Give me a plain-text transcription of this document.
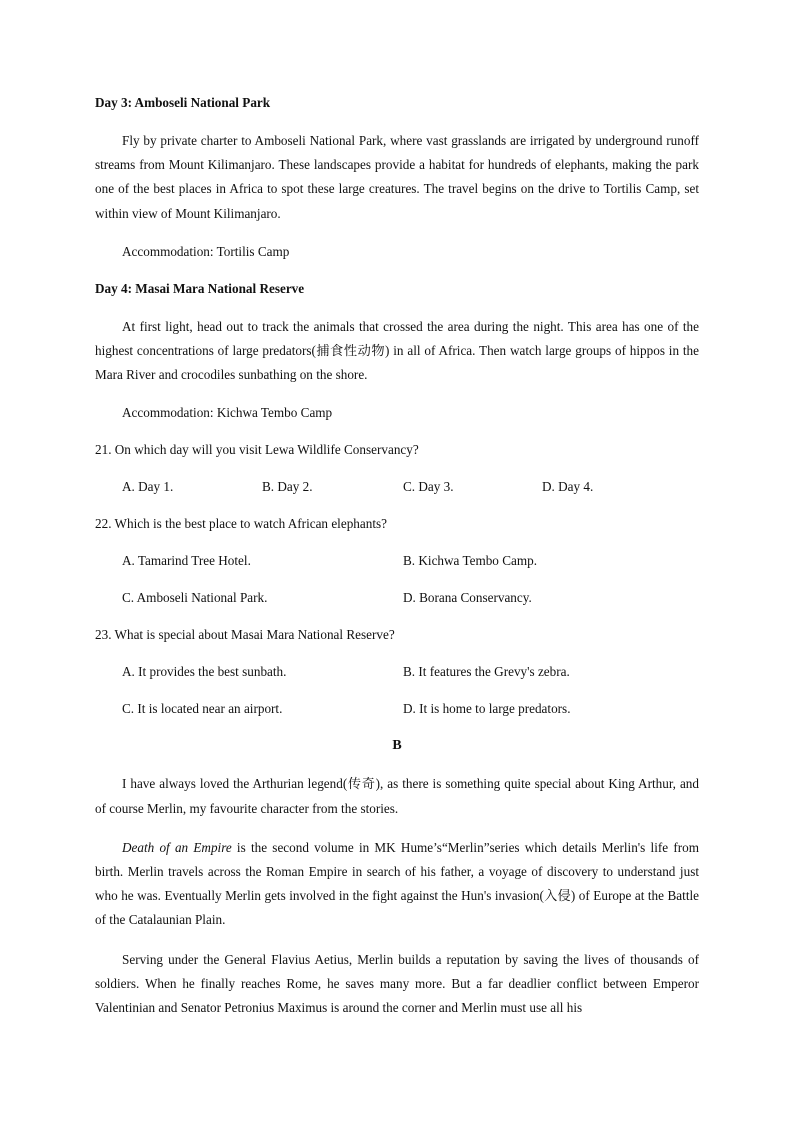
Day 3: Amboseli National Park

Fly by private charter to Amboseli National Park, where vast grasslands are irrigated by underground runoff streams from Mount Kilimanjaro. These landscapes provide a habitat for hundreds of elephants, making the park one of the best places in Africa to spot these large creatures. The travel begins on the drive to Tortilis Camp, set within view of Mount Kilimanjaro.

Accommodation: Tortilis Camp

Day 4: Masai Mara National Reserve

At first light, head out to track the animals that crossed the area during the night. This area has one of the highest concentrations of large predators(捕食性动物) in all of Africa. Then watch large groups of hippos in the Mara River and crocodiles sunbathing on the shore.

Accommodation: Kichwa Tembo Camp

21. On which day will you visit Lewa Wildlife Conservancy?

A. Day 1.	B. Day 2.	C. Day 3.	D. Day 4.

22. Which is the best place to watch African elephants?

A. Tamarind Tree Hotel.	B. Kichwa Tembo Camp.
C. Amboseli National Park.	D. Borana Conservancy.

23. What is special about Masai Mara National Reserve?

A. It provides the best sunbath.	B. It features the Grevy's zebra.
C. It is located near an airport.	D. It is home to large predators.

B

I have always loved the Arthurian legend(传奇), as there is something quite special about King Arthur, and of course Merlin, my favourite character from the stories.

Death of an Empire is the second volume in MK Hume’s“Merlin”series which details Merlin's life from birth. Merlin travels across the Roman Empire in search of his father, a voyage of discovery to understand just who he was. Eventually Merlin gets involved in the fight against the Hun's invasion(入侵) of Europe at the Battle of the Catalaunian Plain.

Serving under the General Flavius Aetius, Merlin builds a reputation by saving the lives of thousands of soldiers. When he finally reaches Rome, he saves many more. But a far deadlier conflict between Emperor Valentinian and Senator Petronius Maximus is around the corner and Merlin must use all his
